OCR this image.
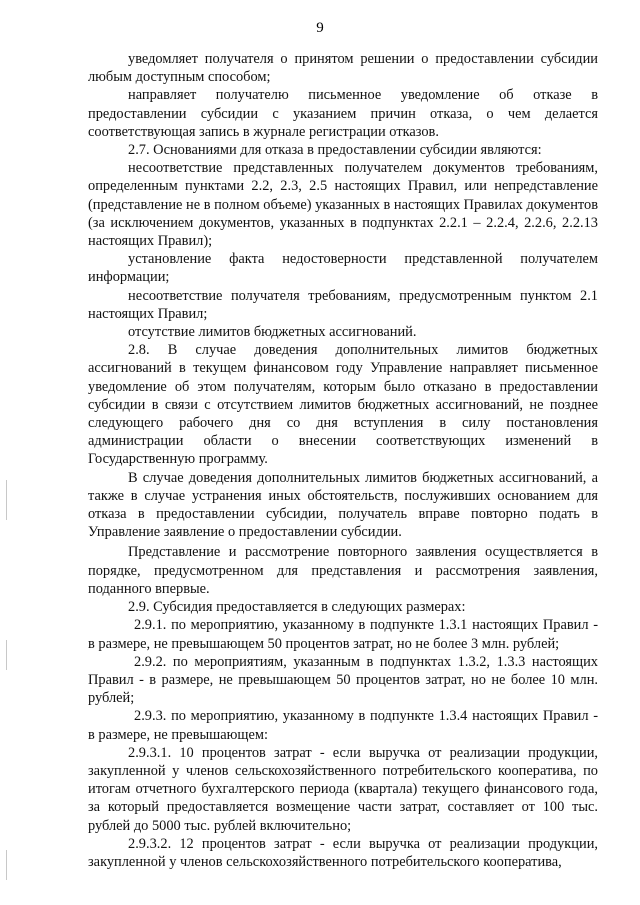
9

уведомляет получателя о принятом решении о предоставлении субсидии любым доступным способом;

направляет получателю письменное уведомление об отказе в предоставлении субсидии с указанием причин отказа, о чем делается соответствующая запись в журнале регистрации отказов.

2.7. Основаниями для отказа в предоставлении субсидии являются:

несоответствие представленных получателем документов требованиям, определенным пунктами 2.2, 2.3, 2.5 настоящих Правил, или непредставление (представление не в полном объеме) указанных в настоящих Правилах документов (за исключением документов, указанных в подпунктах 2.2.1 – 2.2.4, 2.2.6, 2.2.13 настоящих Правил);

установление факта недостоверности представленной получателем информации;

несоответствие получателя требованиям, предусмотренным пунктом 2.1 настоящих Правил;

отсутствие лимитов бюджетных ассигнований.

2.8. В случае доведения дополнительных лимитов бюджетных ассигнований в текущем финансовом году Управление направляет письменное уведомление об этом получателям, которым было отказано в предоставлении субсидии в связи с отсутствием лимитов бюджетных ассигнований, не позднее следующего рабочего дня со дня вступления в силу постановления администрации области о внесении соответствующих изменений в Государственную программу.

В случае доведения дополнительных лимитов бюджетных ассигнований, а также в случае устранения иных обстоятельств, послуживших основанием для отказа в предоставлении субсидии, получатель вправе повторно подать в Управление заявление о предоставлении субсидии.

Представление и рассмотрение повторного заявления осуществляется в порядке, предусмотренном для представления и рассмотрения заявления, поданного впервые.

2.9. Субсидия предоставляется в следующих размерах:

2.9.1. по мероприятию, указанному в подпункте 1.3.1 настоящих Правил - в размере, не превышающем 50 процентов затрат, но не более 3 млн. рублей;

2.9.2. по мероприятиям, указанным в подпунктах 1.3.2, 1.3.3 настоящих Правил - в размере, не превышающем 50 процентов затрат, но не более 10 млн. рублей;

2.9.3. по мероприятию, указанному в подпункте 1.3.4 настоящих Правил - в размере, не превышающем:

2.9.3.1. 10 процентов затрат - если выручка от реализации продукции, закупленной у членов сельскохозяйственного потребительского кооператива, по итогам отчетного бухгалтерского периода (квартала) текущего финансового года, за который предоставляется возмещение части затрат, составляет от 100 тыс. рублей до 5000 тыс. рублей включительно;

2.9.3.2. 12 процентов затрат - если выручка от реализации продукции, закупленной у членов сельскохозяйственного потребительского кооператива,
